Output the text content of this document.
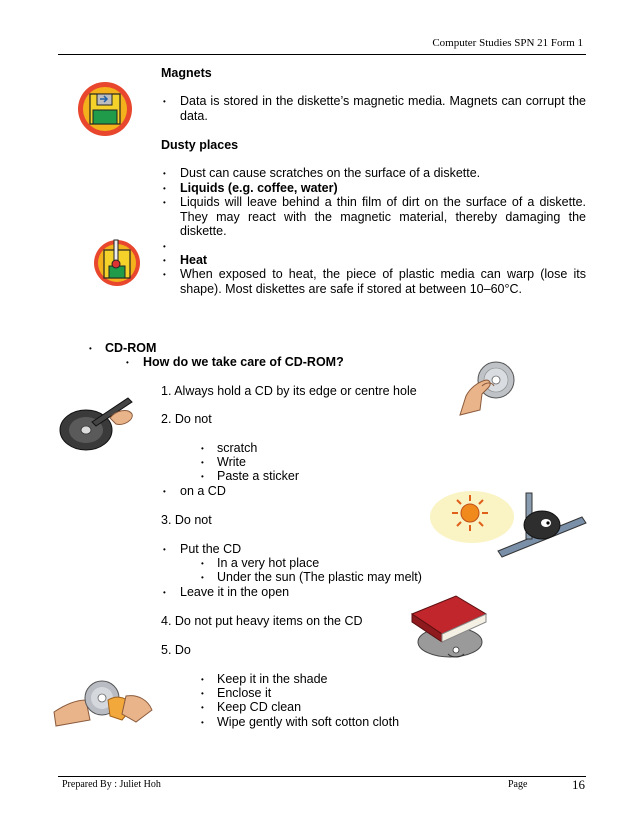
Computer Studies SPN 21 Form 1
Magnets
• Data is stored in the diskette’s magnetic media. Magnets can corrupt the data.
Dusty places
• Dust can cause scratches on the surface of a diskette.
• Liquids (e.g. coffee, water)
• Liquids will leave behind a thin film of dirt on the surface of a diskette. They may react with the magnetic material, thereby damaging the diskette.
•
• Heat
• When exposed to heat, the piece of plastic media can warp (lose its shape). Most diskettes are safe if stored at between 10–60°C.
• CD-ROM
• How do we take care of CD-ROM?
1. Always hold a CD by its edge or centre hole
2. Do not
• scratch
• Write
• Paste a sticker
• on a CD
3. Do not
• Put the CD
• In a very hot place
• Under the sun (The plastic may melt)
• Leave it in the open
4. Do not put heavy items on the CD
5. Do
• Keep it in the shade
• Enclose it
• Keep CD clean
• Wipe gently with soft cotton cloth
Prepared By : Juliet Hoh	Page	16
